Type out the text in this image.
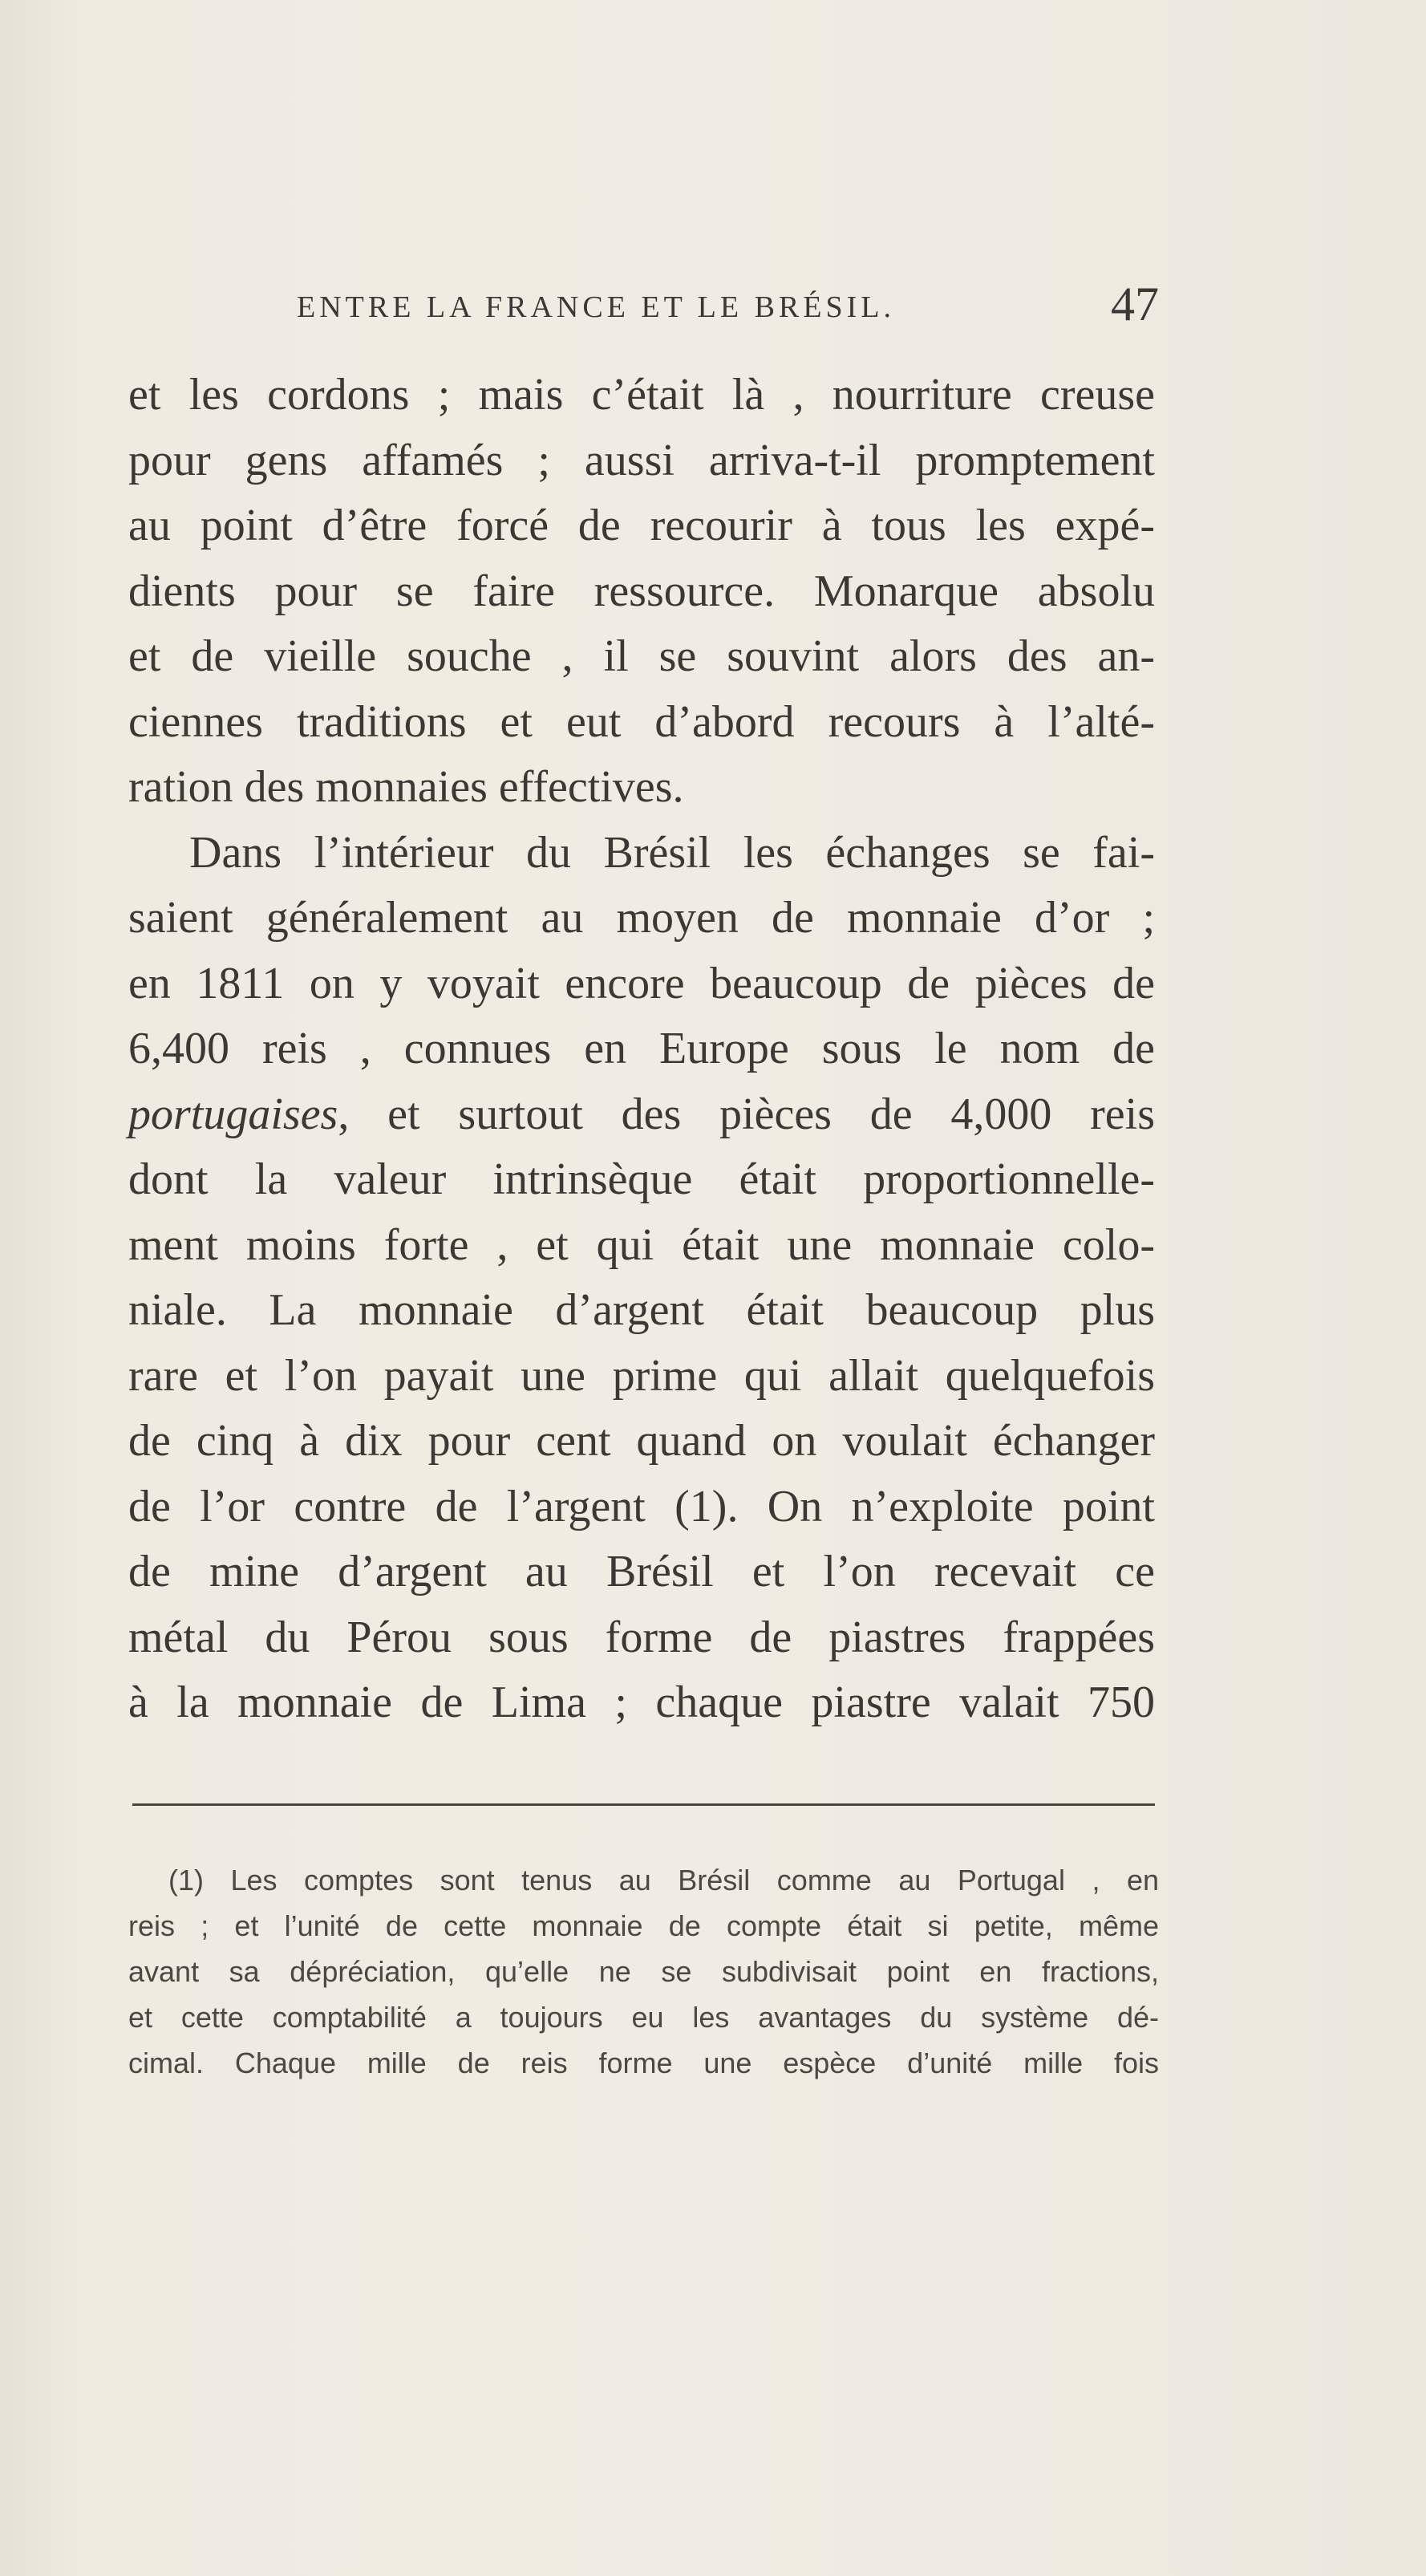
ENTRE LA FRANCE ET LE BRÉSIL.	47
et les cordons ; mais c’était là , nourriture creuse
pour gens affamés ; aussi arriva-t-il promptement
au point d’être forcé de recourir à tous les expé-
dients pour se faire ressource. Monarque absolu
et de vieille souche , il se souvint alors des an-
ciennes traditions et eut d’abord recours à l’alté-
ration des monnaies effectives.
Dans l’intérieur du Brésil les échanges se fai-
saient généralement au moyen de monnaie d’or ;
en 1811 on y voyait encore beaucoup de pièces de
6,400 reis , connues en Europe sous le nom de
portugaises , et surtout des pièces de 4,000 reis
dont la valeur intrinsèque était proportionnelle-
ment moins forte , et qui était une monnaie colo-
niale. La monnaie d’argent était beaucoup plus
rare et l’on payait une prime qui allait quelquefois
de cinq à dix pour cent quand on voulait échanger
de l’or contre de l’argent (1). On n’exploite point
de mine d’argent au Brésil et l’on recevait ce
métal du Pérou sous forme de piastres frappées
à la monnaie de Lima ; chaque piastre valait 750
(1) Les comptes sont tenus au Brésil comme au Portugal , en
reis ; et l’unité de cette monnaie de compte était si petite, même
avant sa dépréciation, qu’elle ne se subdivisait point en fractions,
et cette comptabilité a toujours eu les avantages du système dé-
cimal. Chaque mille de reis forme une espèce d’unité mille fois
